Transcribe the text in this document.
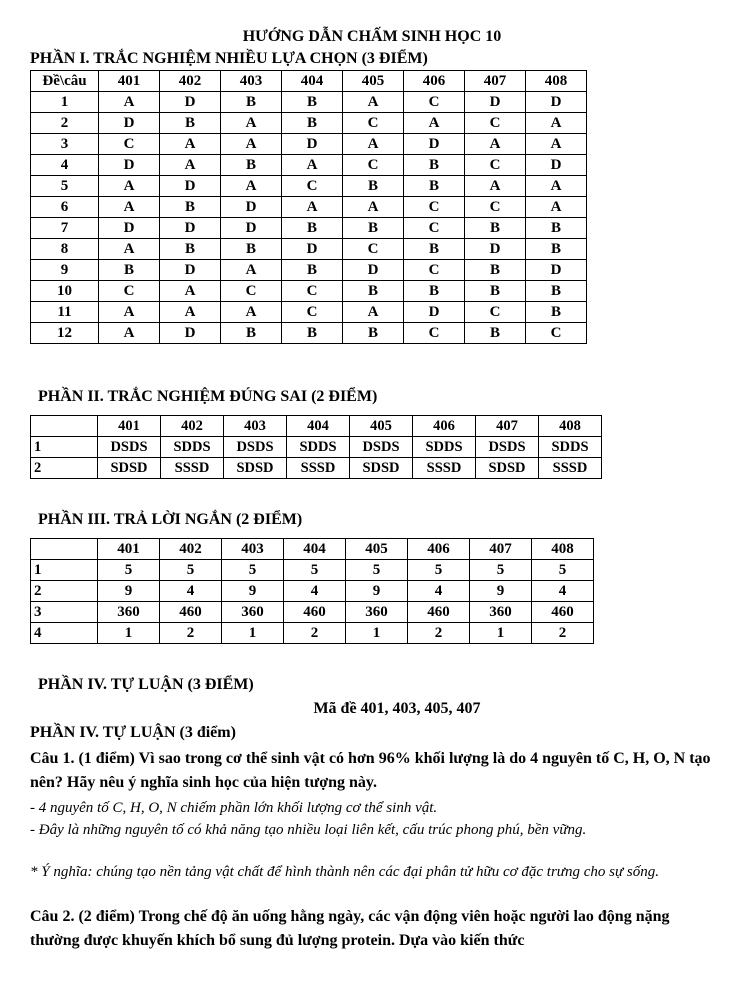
HƯỚNG DẪN CHẤM SINH HỌC 10
PHẦN I. TRẮC NGHIỆM NHIỀU LỰA CHỌN (3 ĐIỂM)
Đề\câu	401	402	403	404	405	406	407	408
1	A	D	B	B	A	C	D	D
2	D	B	A	B	C	A	C	A
3	C	A	A	D	A	D	A	A
4	D	A	B	A	C	B	C	D
5	A	D	A	C	B	B	A	A
6	A	B	D	A	A	C	C	A
7	D	D	D	B	B	C	B	B
8	A	B	B	D	C	B	D	B
9	B	D	A	B	D	C	B	D
10	C	A	C	C	B	B	B	B
11	A	A	A	C	A	D	C	B
12	A	D	B	B	B	C	B	C
PHẦN II. TRẮC NGHIỆM ĐÚNG SAI (2 ĐIỂM)
	401	402	403	404	405	406	407	408
1	DSDS	SDDS	DSDS	SDDS	DSDS	SDDS	DSDS	SDDS
2	SDSD	SSSD	SDSD	SSSD	SDSD	SSSD	SDSD	SSSD
PHẦN III. TRẢ LỜI NGẮN (2 ĐIỂM)
	401	402	403	404	405	406	407	408
1	5	5	5	5	5	5	5	5
2	9	4	9	4	9	4	9	4
3	360	460	360	460	360	460	360	460
4	1	2	1	2	1	2	1	2
PHẦN IV. TỰ LUẬN (3 ĐIỂM)
Mã đề 401, 403, 405, 407
PHẦN IV. TỰ LUẬN (3 điểm)
Câu 1. (1 điểm) Vì sao trong cơ thể sinh vật có hơn 96% khối lượng là do 4 nguyên tố C, H, O, N tạo nên? Hãy nêu ý nghĩa sinh học của hiện tượng này.
- 4 nguyên tố C, H, O, N chiếm phần lớn khối lượng cơ thể sinh vật.
- Đây là những nguyên tố có khả năng tạo nhiều loại liên kết, cấu trúc phong phú, bền vững.
* Ý nghĩa: chúng tạo nền tảng vật chất để hình thành nên các đại phân tử hữu cơ đặc trưng cho sự sống.
Câu 2. (2 điểm) Trong chế độ ăn uống hằng ngày, các vận động viên hoặc người lao động nặng thường được khuyến khích bổ sung đủ lượng protein. Dựa vào kiến thức
